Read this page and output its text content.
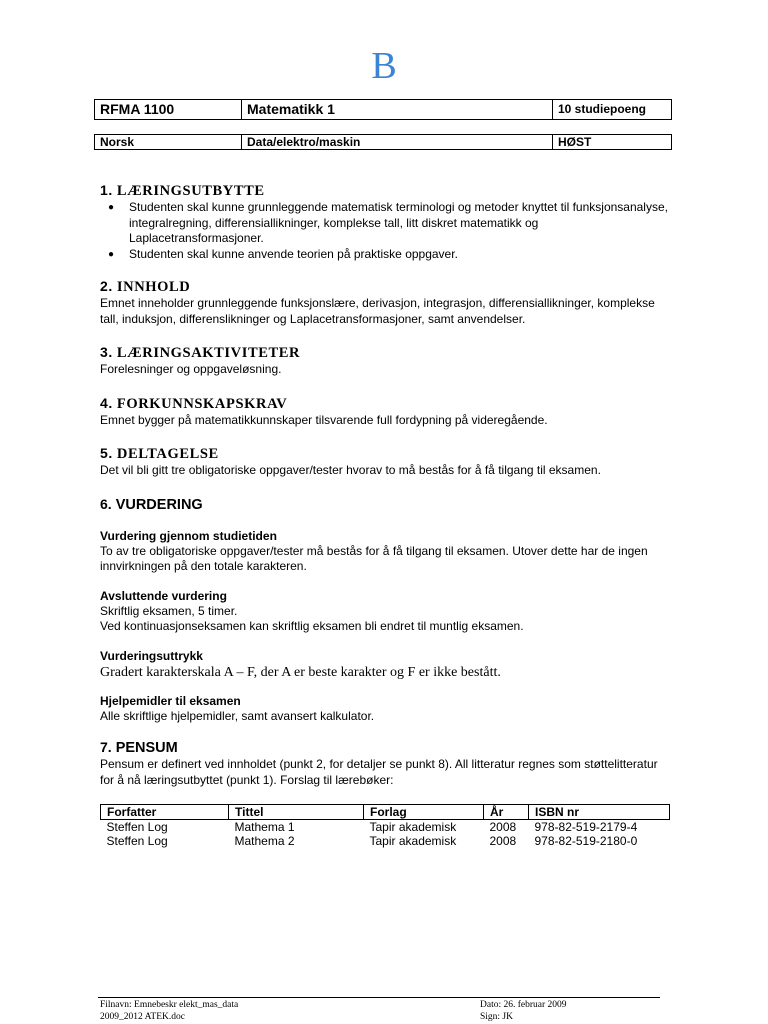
B
RFMA 1100	Matematikk 1	10 studiepoeng
Norsk	Data/elektro/maskin	HØST
1. LÆRINGSUTBYTTE
● Studenten skal kunne grunnleggende matematisk terminologi og metoder knyttet til funksjonsanalyse, integralregning, differensiallikninger, komplekse tall, litt diskret matematikk og Laplacetransformasjoner.
● Studenten skal kunne anvende teorien på praktiske oppgaver.
2. INNHOLD

Emnet inneholder grunnleggende funksjonslære, derivasjon, integrasjon, differensiallikninger, komplekse tall, induksjon, differenslikninger og Laplacetransformasjoner, samt anvendelser.

3. LÆRINGSAKTIVITETER

Forelesninger og oppgaveløsning.

4. FORKUNNSKAPSKRAV

Emnet bygger på matematikkunnskaper tilsvarende full fordypning på videregående.

5. DELTAGELSE

Det vil bli gitt tre obligatoriske oppgaver/tester hvorav to må bestås for å få tilgang til eksamen.

6. VURDERING

Vurdering gjennom studietiden

To av tre obligatoriske oppgaver/tester må bestås for å få tilgang til eksamen. Utover dette har de ingen innvirkningen på den totale karakteren.

Avsluttende vurdering

Skriftlig eksamen, 5 timer.

Ved kontinuasjonseksamen kan skriftlig eksamen bli endret til muntlig eksamen.

Vurderingsuttrykk

Gradert karakterskala A – F, der A er beste karakter og F er ikke bestått.

Hjelpemidler til eksamen

Alle skriftlige hjelpemidler, samt avansert kalkulator.

7. PENSUM

Pensum er definert ved innholdet (punkt 2, for detaljer se punkt 8). All litteratur regnes som støttelitteratur for å nå læringsutbyttet (punkt 1). Forslag til lærebøker:

Forfatter	Tittel	Forlag	År	ISBN nr
Steffen Log	Mathema 1	Tapir akademisk	2008	978-82-519-2179-4
Steffen Log	Mathema 2	Tapir akademisk	2008	978-82-519-2180-0
Filnavn: Emnebeskr elekt_mas_data
2009_2012 ATEK.doc
Dato: 26. februar 2009
Sign: JK
